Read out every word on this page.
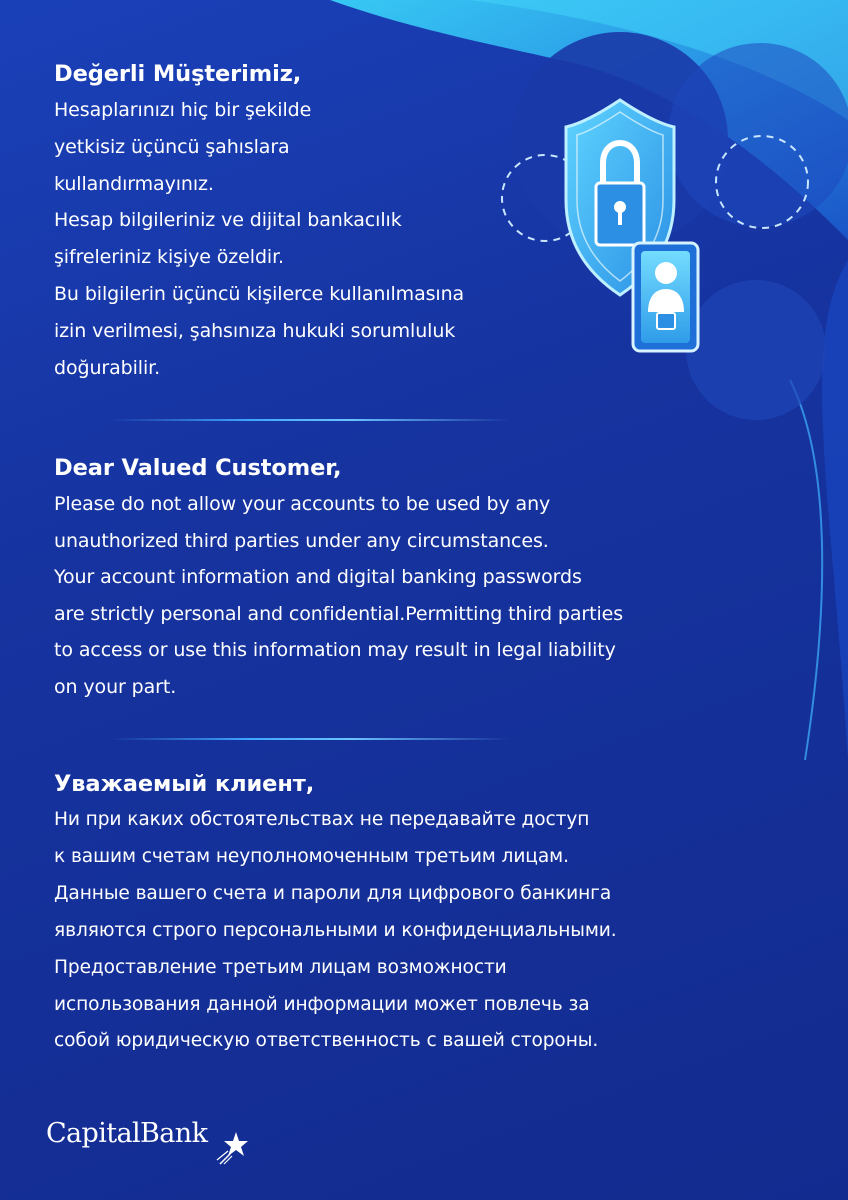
Değerli Müşterimiz,

Hesaplarınızı hiç bir şekilde
yetkisiz üçüncü şahıslara
kullandırmayınız.
Hesap bilgileriniz ve dijital bankacılık
şifreleriniz kişiye özeldir.
Bu bilgilerin üçüncü kişilerce kullanılmasına
izin verilmesi, şahsınıza hukuki sorumluluk
doğurabilir.

Dear Valued Customer,

Please do not allow your accounts to be used by any
unauthorized third parties under any circumstances.
Your account information and digital banking passwords
are strictly personal and confidential.Permitting third parties
to access or use this information may result in legal liability
on your part.

Уважаемый клиент,

Ни при каких обстоятельствах не передавайте доступ
к вашим счетам неуполномоченным третьим лицам.
Данные вашего счета и пароли для цифрового банкинга
являются строго персональными и конфиденциальными.
Предоставление третьим лицам возможности
использования данной информации может повлечь за
собой юридическую ответственность с вашей стороны.

CapitalBank
